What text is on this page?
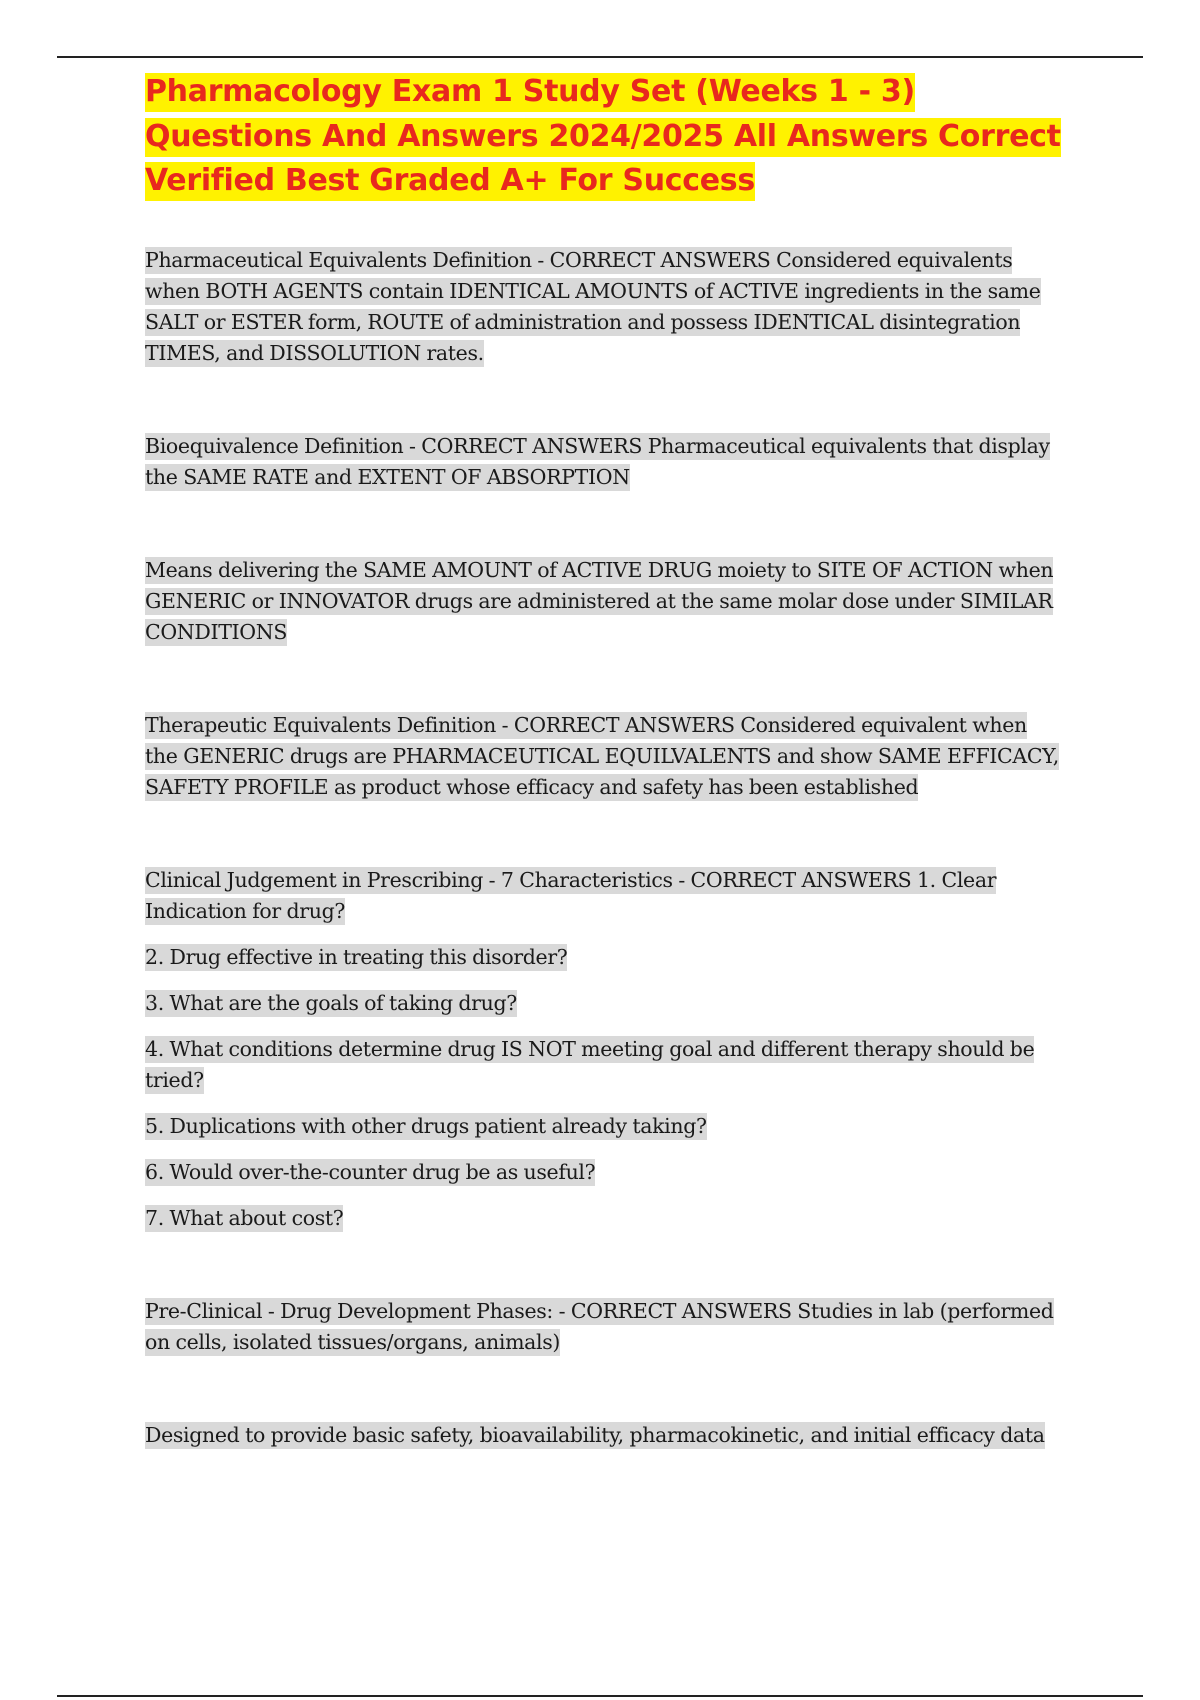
Pharmacology Exam 1 Study Set (Weeks 1 - 3) Questions And Answers 2024/2025 All Answers Correct Verified Best Graded A+ For Success

Pharmaceutical Equivalents Definition - CORRECT ANSWERS Considered equivalents when BOTH AGENTS contain IDENTICAL AMOUNTS of ACTIVE ingredients in the same SALT or ESTER form, ROUTE of administration and possess IDENTICAL disintegration TIMES, and DISSOLUTION rates.

Bioequivalence Definition - CORRECT ANSWERS Pharmaceutical equivalents that display the SAME RATE and EXTENT OF ABSORPTION

Means delivering the SAME AMOUNT of ACTIVE DRUG moiety to SITE OF ACTION when GENERIC or INNOVATOR drugs are administered at the same molar dose under SIMILAR CONDITIONS

Therapeutic Equivalents Definition - CORRECT ANSWERS Considered equivalent when the GENERIC drugs are PHARMACEUTICAL EQUILVALENTS and show SAME EFFICACY, SAFETY PROFILE as product whose efficacy and safety has been established

Clinical Judgement in Prescribing - 7 Characteristics - CORRECT ANSWERS 1. Clear Indication for drug?

2. Drug effective in treating this disorder?

3. What are the goals of taking drug?

4. What conditions determine drug IS NOT meeting goal and different therapy should be tried?

5. Duplications with other drugs patient already taking?

6. Would over-the-counter drug be as useful?

7. What about cost?

Pre-Clinical - Drug Development Phases: - CORRECT ANSWERS Studies in lab (performed on cells, isolated tissues/organs, animals)

Designed to provide basic safety, bioavailability, pharmacokinetic, and initial efficacy data
